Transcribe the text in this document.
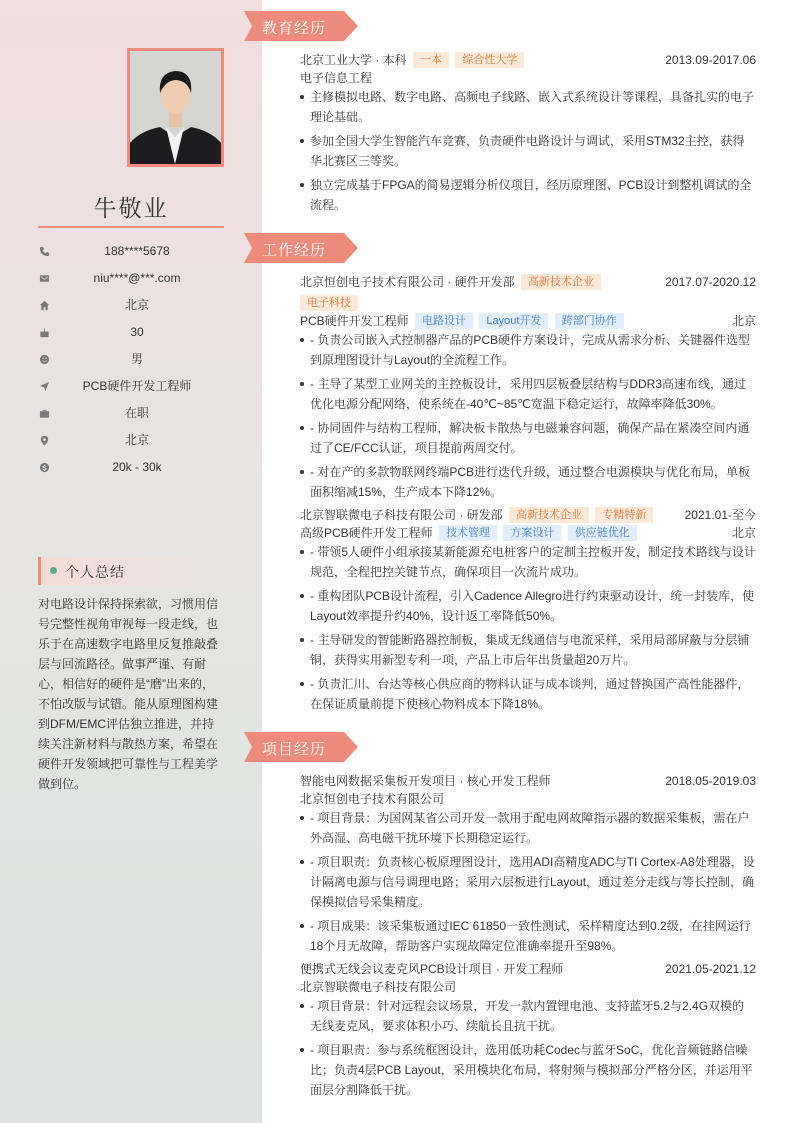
牛敬业
188****5678
niu****@***.com
北京
30
男
PCB硬件开发工程师
在职
北京
20k - 30k
个人总结
对电路设计保持探索欲，习惯用信号完整性视角审视每一段走线，也乐于在高速数字电路里反复推敲叠层与回流路径。做事严谨、有耐心，相信好的硬件是“磨”出来的，不怕改版与试错。能从原理图构建到DFM/EMC评估独立推进，并持续关注新材料与散热方案，希望在硬件开发领域把可靠性与工程美学做到位。
教育经历
北京工业大学 · 本科 一本 综合性大学	2013.09-2017.06
电子信息工程
主修模拟电路、数字电路、高频电子线路、嵌入式系统设计等课程，具备扎实的电子理论基础。
参加全国大学生智能汽车竞赛，负责硬件电路设计与调试，采用STM32主控，获得华北赛区三等奖。
独立完成基于FPGA的简易逻辑分析仪项目，经历原理图、PCB设计到整机调试的全流程。
工作经历
北京恒创电子技术有限公司 · 硬件开发部 高新技术企业	2017.07-2020.12
电子科技
PCB硬件开发工程师 电路设计 Layout开发 跨部门协作	北京
- 负责公司嵌入式控制器产品的PCB硬件方案设计，完成从需求分析、关键器件选型到原理图设计与Layout的全流程工作。
- 主导了某型工业网关的主控板设计，采用四层板叠层结构与DDR3高速布线，通过优化电源分配网络，使系统在-40℃~85℃宽温下稳定运行，故障率降低30%。
- 协同固件与结构工程师，解决板卡散热与电磁兼容问题，确保产品在紧凑空间内通过了CE/FCC认证，项目提前两周交付。
- 对在产的多款物联网终端PCB进行迭代升级，通过整合电源模块与优化布局，单板面积缩减15%，生产成本下降12%。
北京智联微电子科技有限公司 · 研发部 高新技术企业 专精特新	2021.01-至今
高级PCB硬件开发工程师 技术管理 方案设计 供应链优化	北京
- 带领5人硬件小组承接某新能源充电桩客户的定制主控板开发，制定技术路线与设计规范，全程把控关键节点，确保项目一次流片成功。
- 重构团队PCB设计流程，引入Cadence Allegro进行约束驱动设计，统一封装库，使Layout效率提升约40%，设计返工率降低50%。
- 主导研发的智能断路器控制板，集成无线通信与电流采样，采用局部屏蔽与分层铺铜，获得实用新型专利一项，产品上市后年出货量超20万片。
- 负责汇川、台达等核心供应商的物料认证与成本谈判，通过替换国产高性能器件，在保证质量前提下使核心物料成本下降18%。
项目经历
智能电网数据采集板开发项目 · 核心开发工程师	2018.05-2019.03
北京恒创电子技术有限公司
- 项目背景：为国网某省公司开发一款用于配电网故障指示器的数据采集板，需在户外高湿、高电磁干扰环境下长期稳定运行。
- 项目职责：负责核心板原理图设计，选用ADI高精度ADC与TI Cortex-A8处理器，设计隔离电源与信号调理电路；采用六层板进行Layout，通过差分走线与等长控制，确保模拟信号采集精度。
- 项目成果：该采集板通过IEC 61850一致性测试，采样精度达到0.2级，在挂网运行18个月无故障，帮助客户实现故障定位准确率提升至98%。
便携式无线会议麦克风PCB设计项目 · 开发工程师	2021.05-2021.12
北京智联微电子科技有限公司
- 项目背景：针对远程会议场景，开发一款内置锂电池、支持蓝牙5.2与2.4G双模的无线麦克风，要求体积小巧、续航长且抗干扰。
- 项目职责：参与系统框图设计，选用低功耗Codec与蓝牙SoC，优化音频链路信噪比；负责4层PCB Layout，采用模块化布局，将射频与模拟部分严格分区，并运用平面层分割降低干扰。
